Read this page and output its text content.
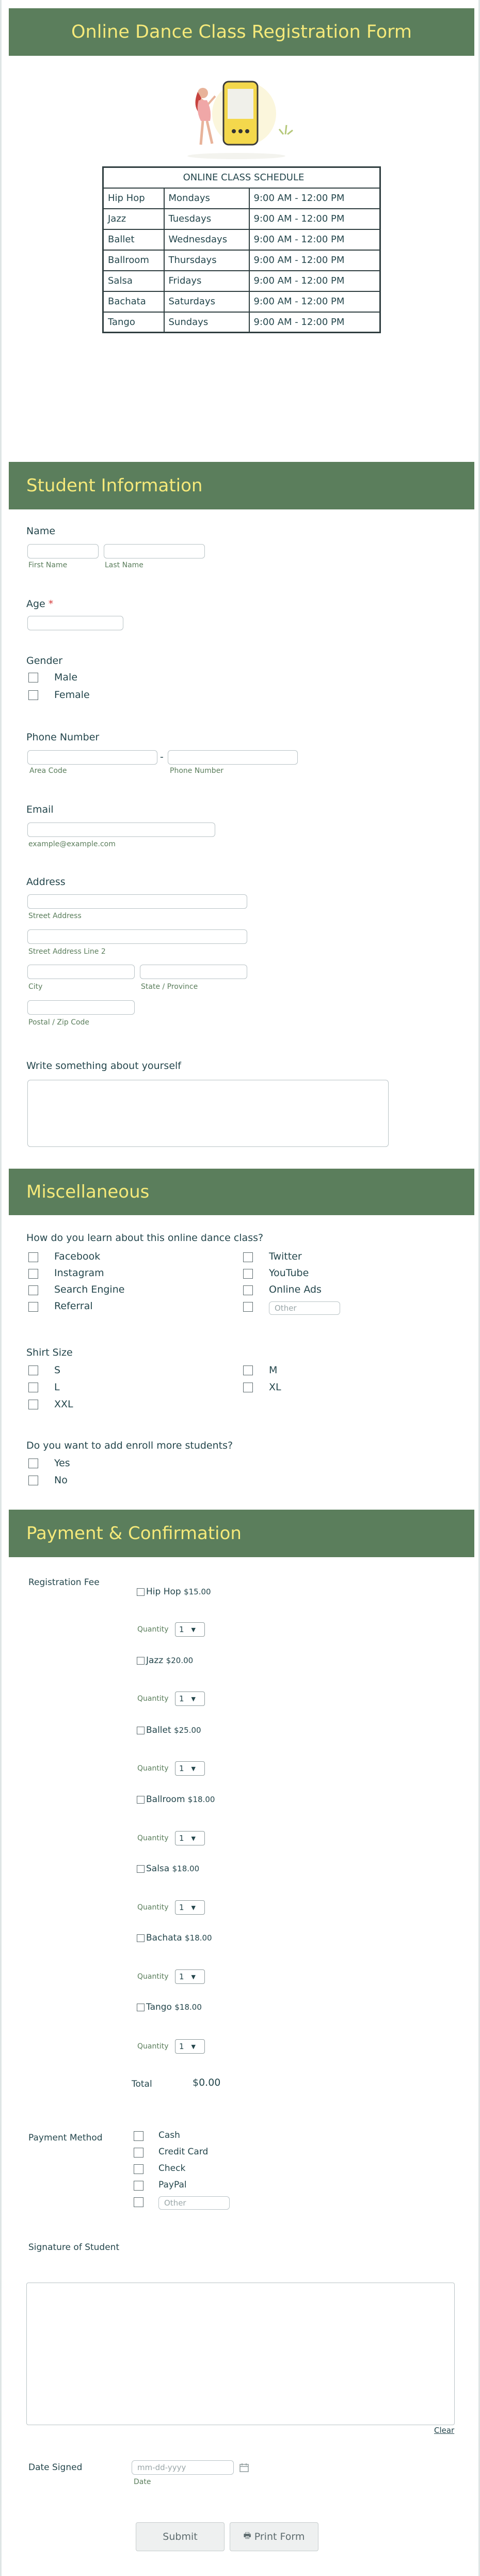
Online Dance Class Registration Form
ONLINE CLASS SCHEDULE		
Hip Hop	Mondays	9:00 AM - 12:00 PM
Jazz	Tuesdays	9:00 AM - 12:00 PM
Ballet	Wednesdays	9:00 AM - 12:00 PM
Ballroom	Thursdays	9:00 AM - 12:00 PM
Salsa	Fridays	9:00 AM - 12:00 PM
Bachata	Saturdays	9:00 AM - 12:00 PM
Tango	Sundays	9:00 AM - 12:00 PM
Student Information
Name
First Name	Last Name
Age *
Gender
Male
Female
Phone Number
-
Area Code	Phone Number
Email
example@example.com
Address
Street Address
Street Address Line 2
City	State / Province
Postal / Zip Code
Write something about yourself
Miscellaneous
How do you learn about this online dance class?
Facebook
Instagram
Search Engine
Referral
Twitter
YouTube
Online Ads
Other
Shirt Size
S
L
XXL
M
XL
Do you want to add enroll more students?
Yes
No
Payment & Confirmation
Registration Fee
Hip Hop $15.00
Quantity 1 ▼
Jazz $20.00
Quantity 1 ▼
Ballet $25.00
Quantity 1 ▼
Ballroom $18.00
Quantity 1 ▼
Salsa $18.00
Quantity 1 ▼
Bachata $18.00
Quantity 1 ▼
Tango $18.00
Quantity 1 ▼
Total	$0.00
Payment Method	Cash
Credit Card
Check
PayPal
Other
Signature of Student
Clear
Date Signed	mm-dd-yyyy
Date
Submit	🖶 Print Form
